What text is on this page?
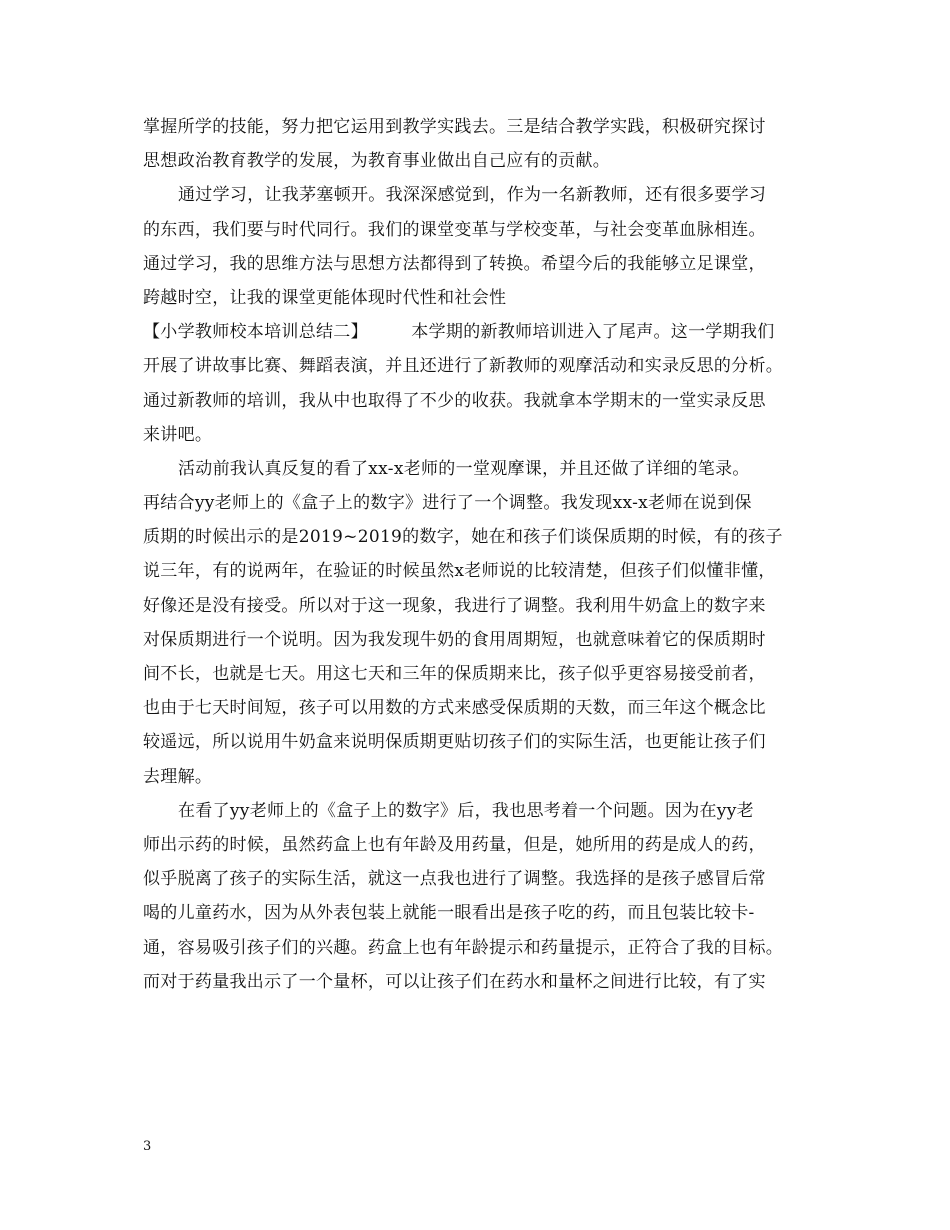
掌握所学的技能，努力把它运用到教学实践去。三是结合教学实践，积极研究探讨
思想政治教育教学的发展，为教育事业做出自己应有的贡献。
通过学习，让我茅塞顿开。我深深感觉到，作为一名新教师，还有很多要学习
的东西，我们要与时代同行。我们的课堂变革与学校变革，与社会变革血脉相连。
通过学习，我的思维方法与思想方法都得到了转换。希望今后的我能够立足课堂，
跨越时空，让我的课堂更能体现时代性和社会性
【小学教师校本培训总结二】　　　本学期的新教师培训进入了尾声。这一学期我们
开展了讲故事比赛、舞蹈表演，并且还进行了新教师的观摩活动和实录反思的分析。
通过新教师的培训，我从中也取得了不少的收获。我就拿本学期末的一堂实录反思
来讲吧。
活动前我认真反复的看了xx-x老师的一堂观摩课，并且还做了详细的笔录。
再结合yy老师上的《盒子上的数字》进行了一个调整。我发现xx-x老师在说到保
质期的时候出示的是2019~2019的数字，她在和孩子们谈保质期的时候，有的孩子
说三年，有的说两年，在验证的时候虽然x老师说的比较清楚，但孩子们似懂非懂，
好像还是没有接受。所以对于这一现象，我进行了调整。我利用牛奶盒上的数字来
对保质期进行一个说明。因为我发现牛奶的食用周期短，也就意味着它的保质期时
间不长，也就是七天。用这七天和三年的保质期来比，孩子似乎更容易接受前者，
也由于七天时间短，孩子可以用数的方式来感受保质期的天数，而三年这个概念比
较遥远，所以说用牛奶盒来说明保质期更贴切孩子们的实际生活，也更能让孩子们
去理解。
在看了yy老师上的《盒子上的数字》后，我也思考着一个问题。因为在yy老
师出示药的时候，虽然药盒上也有年龄及用药量，但是，她所用的药是成人的药，
似乎脱离了孩子的实际生活，就这一点我也进行了调整。我选择的是孩子感冒后常
喝的儿童药水，因为从外表包装上就能一眼看出是孩子吃的药，而且包装比较卡-
通，容易吸引孩子们的兴趣。药盒上也有年龄提示和药量提示，正符合了我的目标。
而对于药量我出示了一个量杯，可以让孩子们在药水和量杯之间进行比较，有了实
3
